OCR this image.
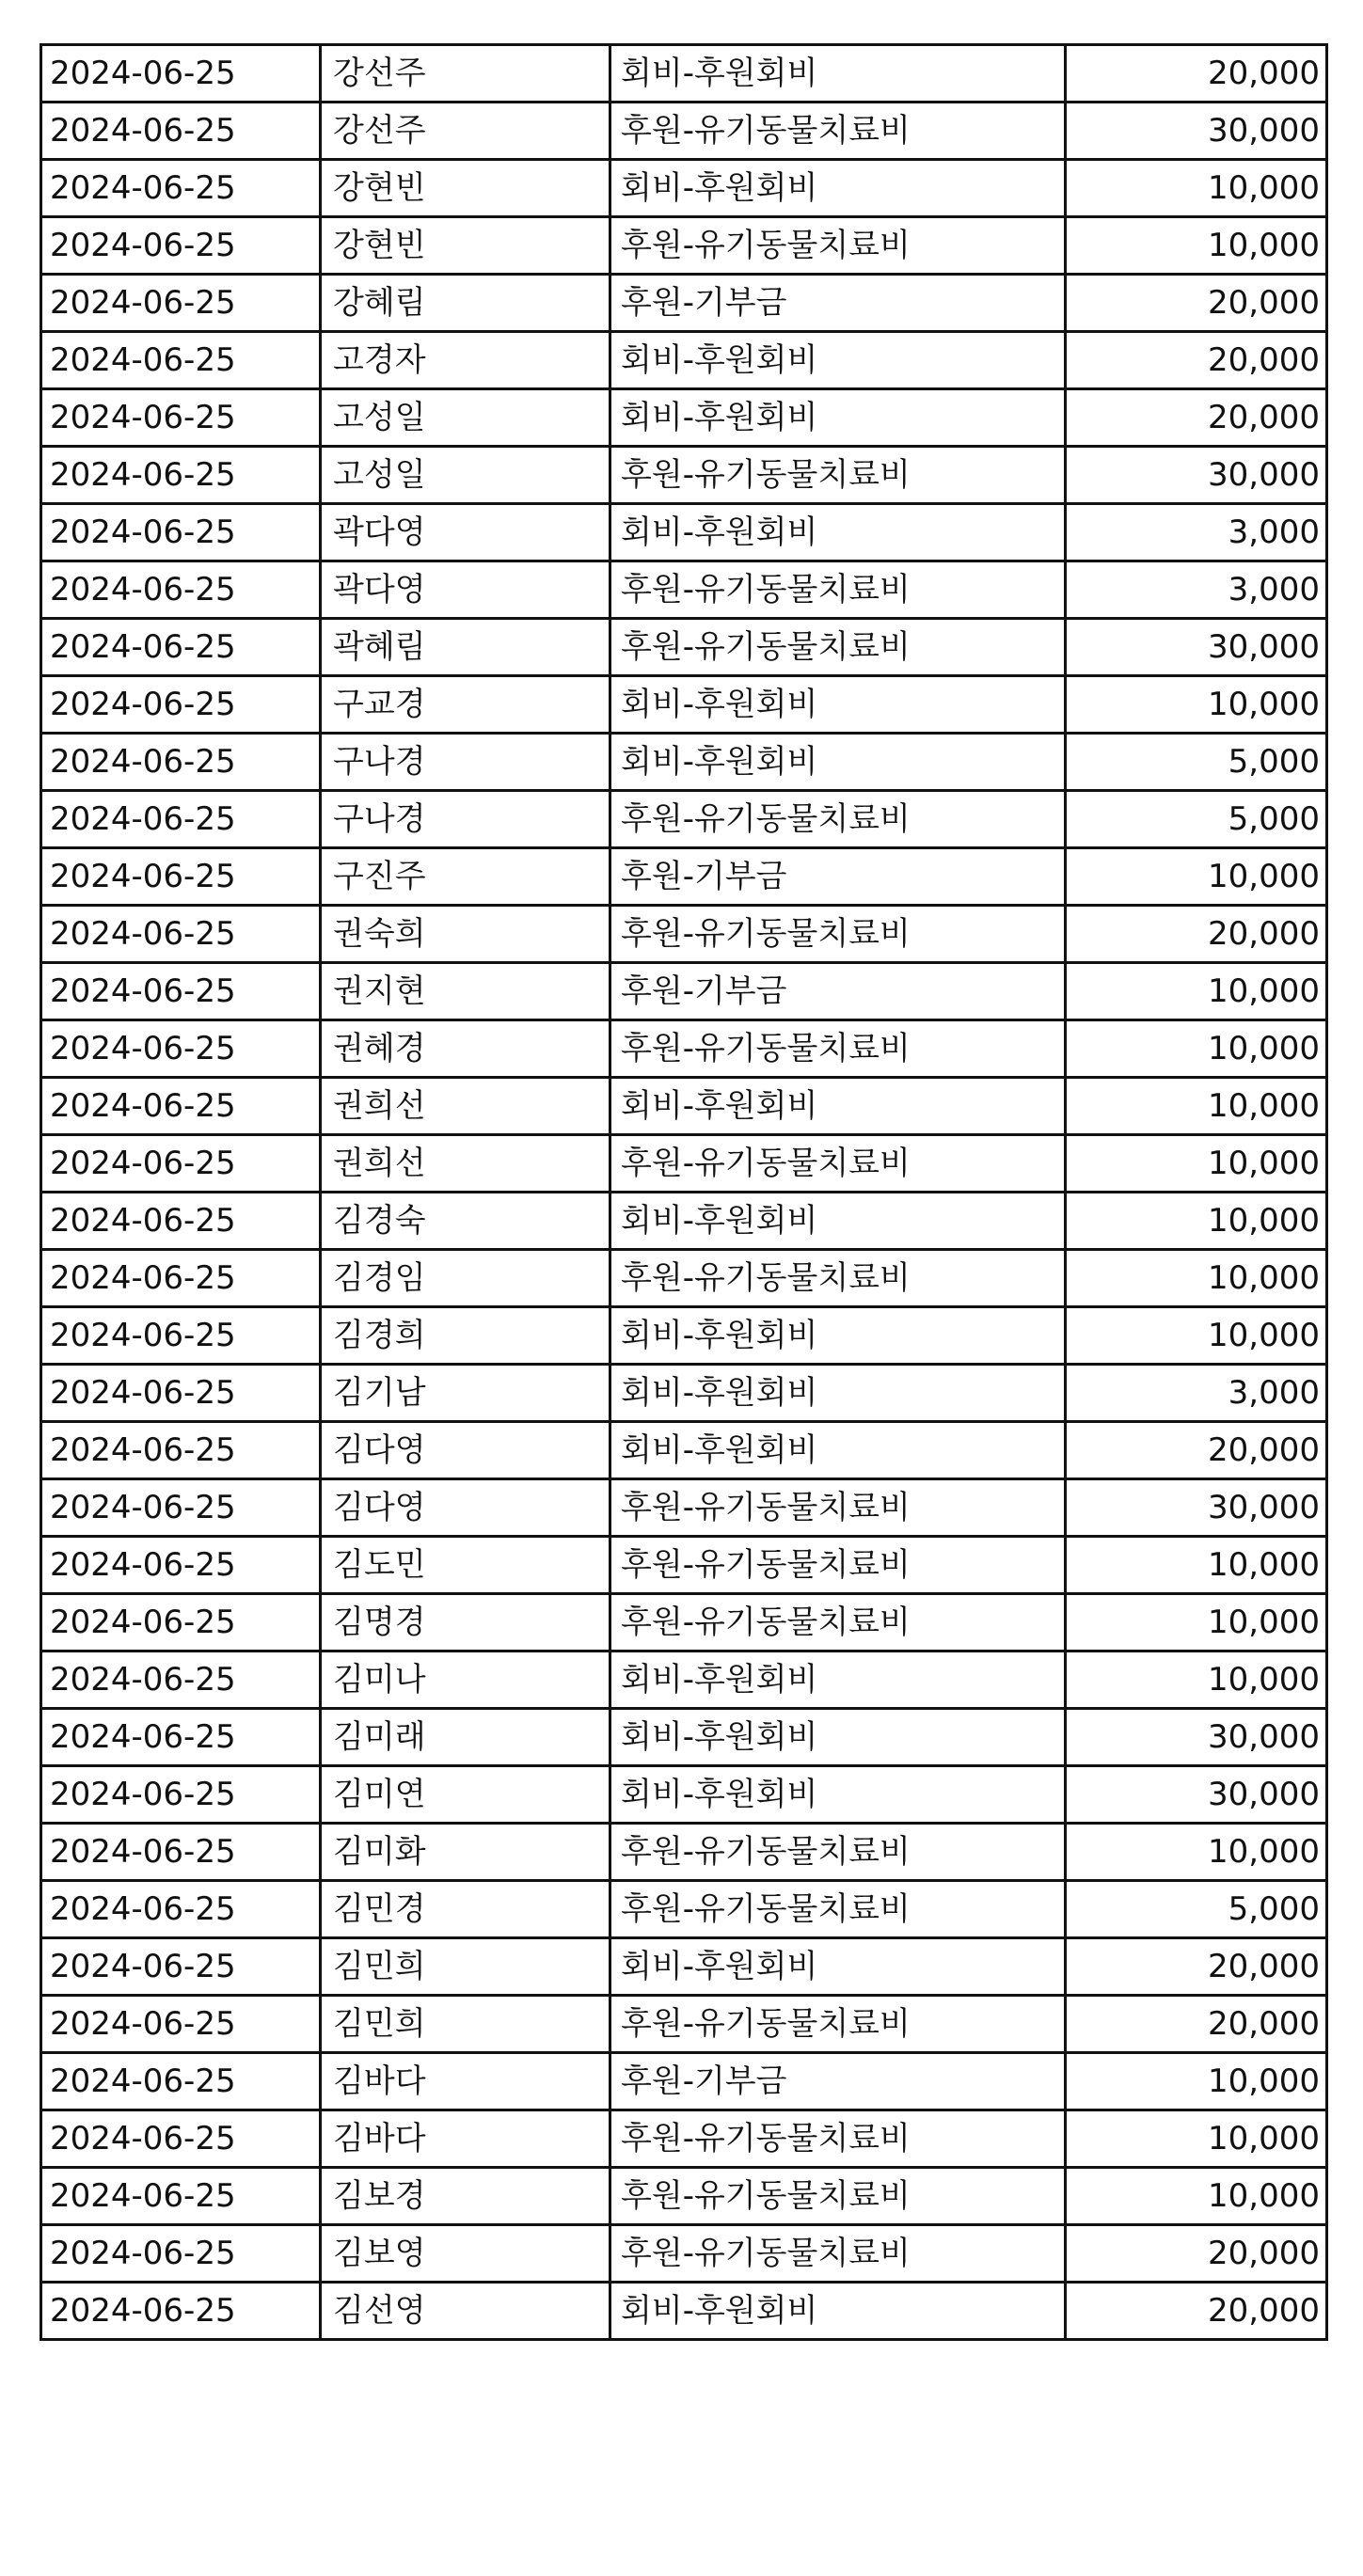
2024-06-25	강선주	회비-후원회비	20,000
2024-06-25	강선주	후원-유기동물치료비	30,000
2024-06-25	강현빈	회비-후원회비	10,000
2024-06-25	강현빈	후원-유기동물치료비	10,000
2024-06-25	강혜림	후원-기부금	20,000
2024-06-25	고경자	회비-후원회비	20,000
2024-06-25	고성일	회비-후원회비	20,000
2024-06-25	고성일	후원-유기동물치료비	30,000
2024-06-25	곽다영	회비-후원회비	3,000
2024-06-25	곽다영	후원-유기동물치료비	3,000
2024-06-25	곽혜림	후원-유기동물치료비	30,000
2024-06-25	구교경	회비-후원회비	10,000
2024-06-25	구나경	회비-후원회비	5,000
2024-06-25	구나경	후원-유기동물치료비	5,000
2024-06-25	구진주	후원-기부금	10,000
2024-06-25	권숙희	후원-유기동물치료비	20,000
2024-06-25	권지현	후원-기부금	10,000
2024-06-25	권혜경	후원-유기동물치료비	10,000
2024-06-25	권희선	회비-후원회비	10,000
2024-06-25	권희선	후원-유기동물치료비	10,000
2024-06-25	김경숙	회비-후원회비	10,000
2024-06-25	김경임	후원-유기동물치료비	10,000
2024-06-25	김경희	회비-후원회비	10,000
2024-06-25	김기남	회비-후원회비	3,000
2024-06-25	김다영	회비-후원회비	20,000
2024-06-25	김다영	후원-유기동물치료비	30,000
2024-06-25	김도민	후원-유기동물치료비	10,000
2024-06-25	김명경	후원-유기동물치료비	10,000
2024-06-25	김미나	회비-후원회비	10,000
2024-06-25	김미래	회비-후원회비	30,000
2024-06-25	김미연	회비-후원회비	30,000
2024-06-25	김미화	후원-유기동물치료비	10,000
2024-06-25	김민경	후원-유기동물치료비	5,000
2024-06-25	김민희	회비-후원회비	20,000
2024-06-25	김민희	후원-유기동물치료비	20,000
2024-06-25	김바다	후원-기부금	10,000
2024-06-25	김바다	후원-유기동물치료비	10,000
2024-06-25	김보경	후원-유기동물치료비	10,000
2024-06-25	김보영	후원-유기동물치료비	20,000
2024-06-25	김선영	회비-후원회비	20,000
